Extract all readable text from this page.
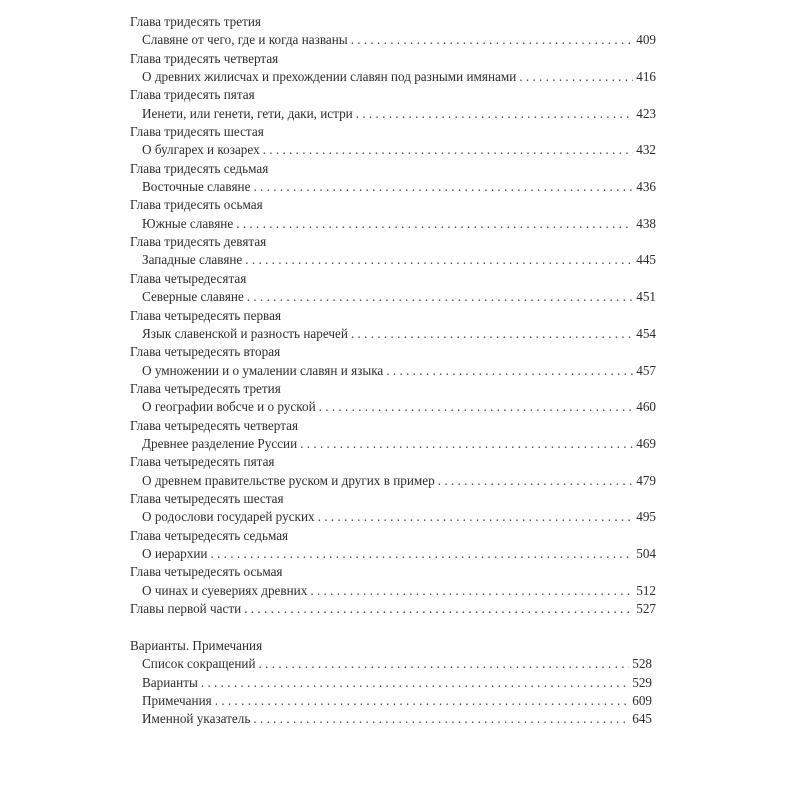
Глава тридесять третия
Славяне от чего, где и когда названы . . .	409
Глава тридесять четвертая
О древних жилисчах и прехождении славян под разными имянами . . .	416
Глава тридесять пятая
Иенети, или генети, гети, даки, истри . . .	423
Глава тридесять шестая
О булгарех и козарех . . .	432
Глава тридесять седьмая
Восточные славяне . . .	436
Глава тридесять осьмая
Южные славяне . . .	438
Глава тридесять девятая
Западные славяне . . .	445
Глава четыредесятая
Северные славяне . . .	451
Глава четыредесять первая
Язык славенской и разность наречей . . .	454
Глава четыредесять вторая
О умножении и о умалении славян и языка . . .	457
Глава четыредесять третия
О географии вобсче и о руской . . .	460
Глава четыредесять четвертая
Древнее разделение Руссии . . .	469
Глава четыредесять пятая
О древнем правительстве руском и других в пример . . .	479
Глава четыредесять шестая
О родослови государей руских . . .	495
Глава четыредесять седьмая
О иерархии . . .	504
Глава четыредесять осьмая
О чинах и суевериях древних . . .	512
Главы первой части . . .	527
Варианты. Примечания
Список сокращений . . .	528
Варианты . . .	529
Примечания . . .	609
Именной указатель . . .	645
